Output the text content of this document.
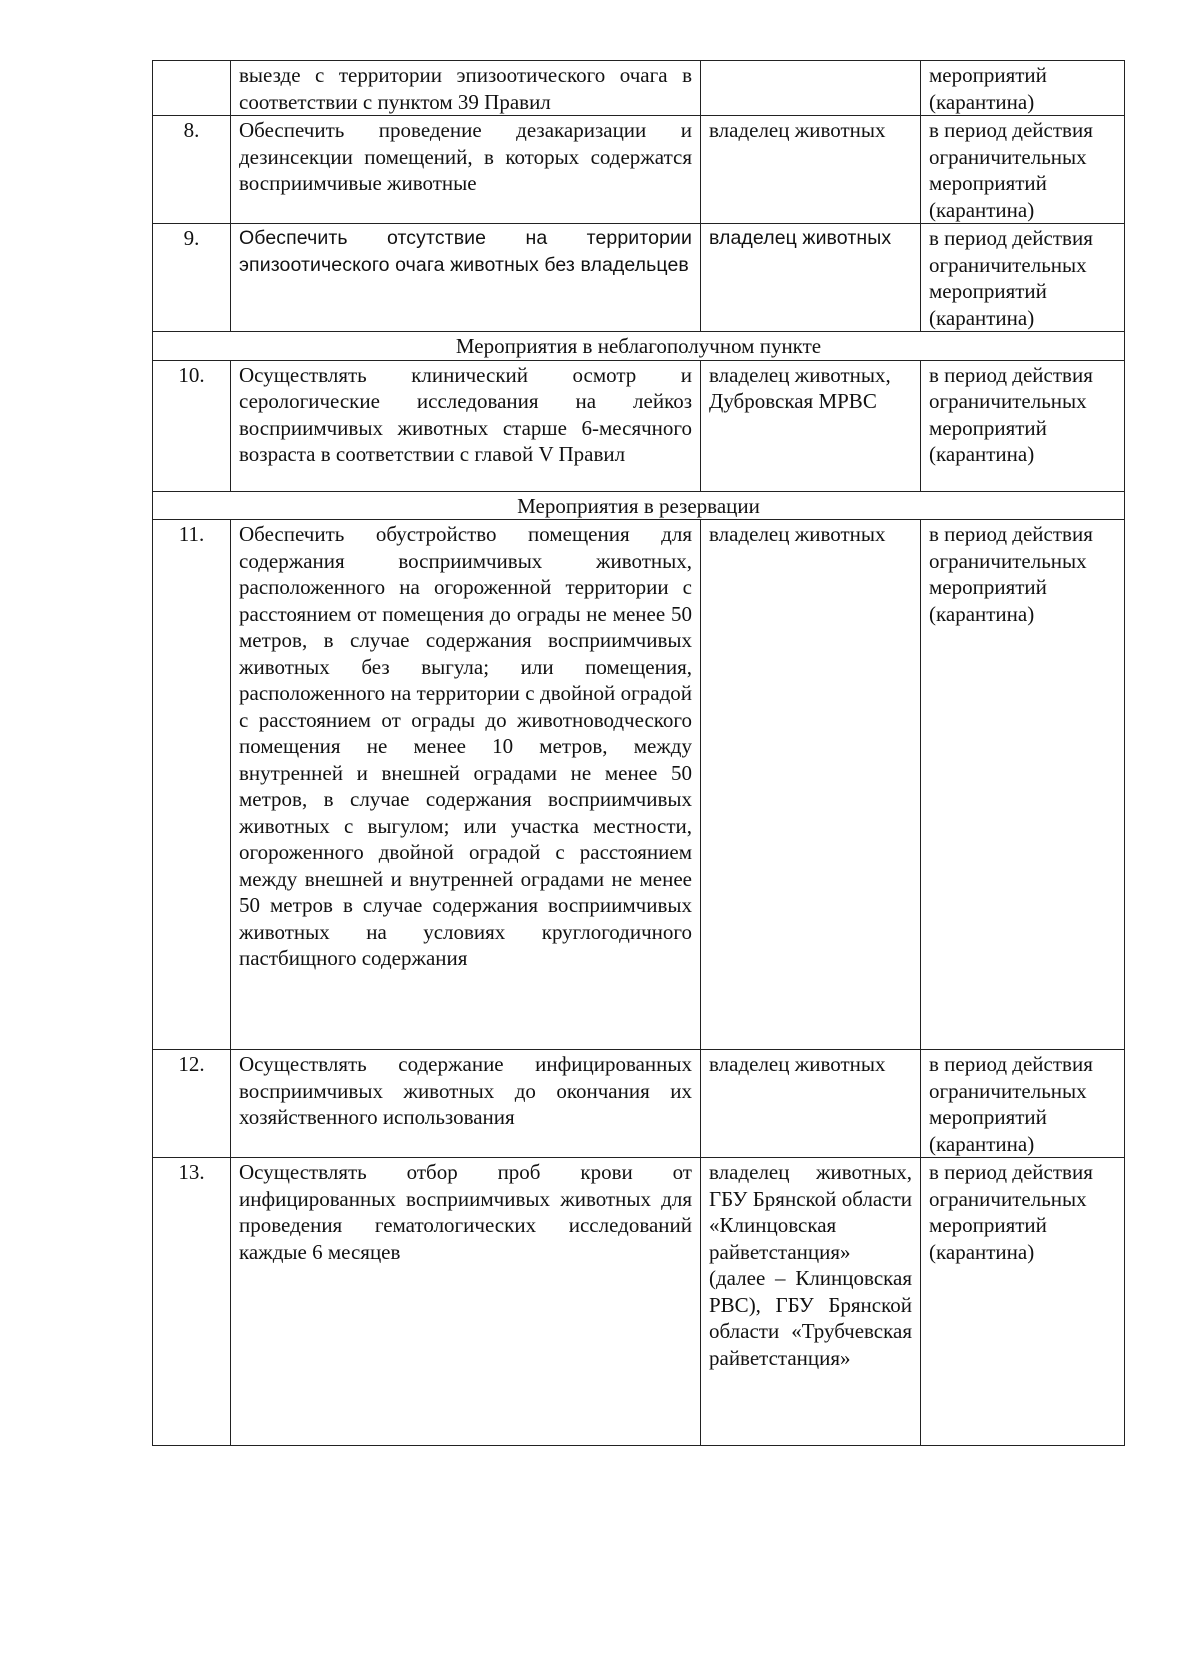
	выезде с территории эпизоотического очага в соответствии с пунктом 39 Правил		мероприятий (карантина)
8.	Обеспечить проведение дезакаризации и дезинсекции помещений, в которых содержатся восприимчивые животные	владелец животных	в период действия ограничительных мероприятий (карантина)
9.	Обеспечить отсутствие на территории эпизоотического очага животных без владельцев	владелец животных	в период действия ограничительных мероприятий (карантина)
Мероприятия в неблагополучном пункте			
10.	Осуществлять клинический осмотр и серологические исследования на лейкоз восприимчивых животных старше 6-месячного возраста в соответствии с главой V Правил	владелец животных, Дубровская МРВС	в период действия ограничительных мероприятий (карантина)
Мероприятия в резервации			
11.	Обеспечить обустройство помещения для содержания восприимчивых животных, расположенного на огороженной территории с расстоянием от помещения до ограды не менее 50 метров, в случае содержания восприимчивых животных без выгула; или помещения, расположенного на территории с двойной оградой с расстоянием от ограды до животноводческого помещения не менее 10 метров, между внутренней и внешней оградами не менее 50 метров, в случае содержания восприимчивых животных с выгулом; или участка местности, огороженного двойной оградой с расстоянием между внешней и внутренней оградами не менее 50 метров в случае содержания восприимчивых животных на условиях круглогодичного пастбищного содержания	владелец животных	в период действия ограничительных мероприятий (карантина)
12.	Осуществлять содержание инфицированных восприимчивых животных до окончания их хозяйственного использования	владелец животных	в период действия ограничительных мероприятий (карантина)
13.	Осуществлять отбор проб крови от инфицированных восприимчивых животных для проведения гематологических исследований каждые 6 месяцев	владелец животных, ГБУ Брянской области «Клинцовская райветстанция» (далее – Клинцовская РВС), ГБУ Брянской области «Трубчевская райветстанция»	в период действия ограничительных мероприятий (карантина)
